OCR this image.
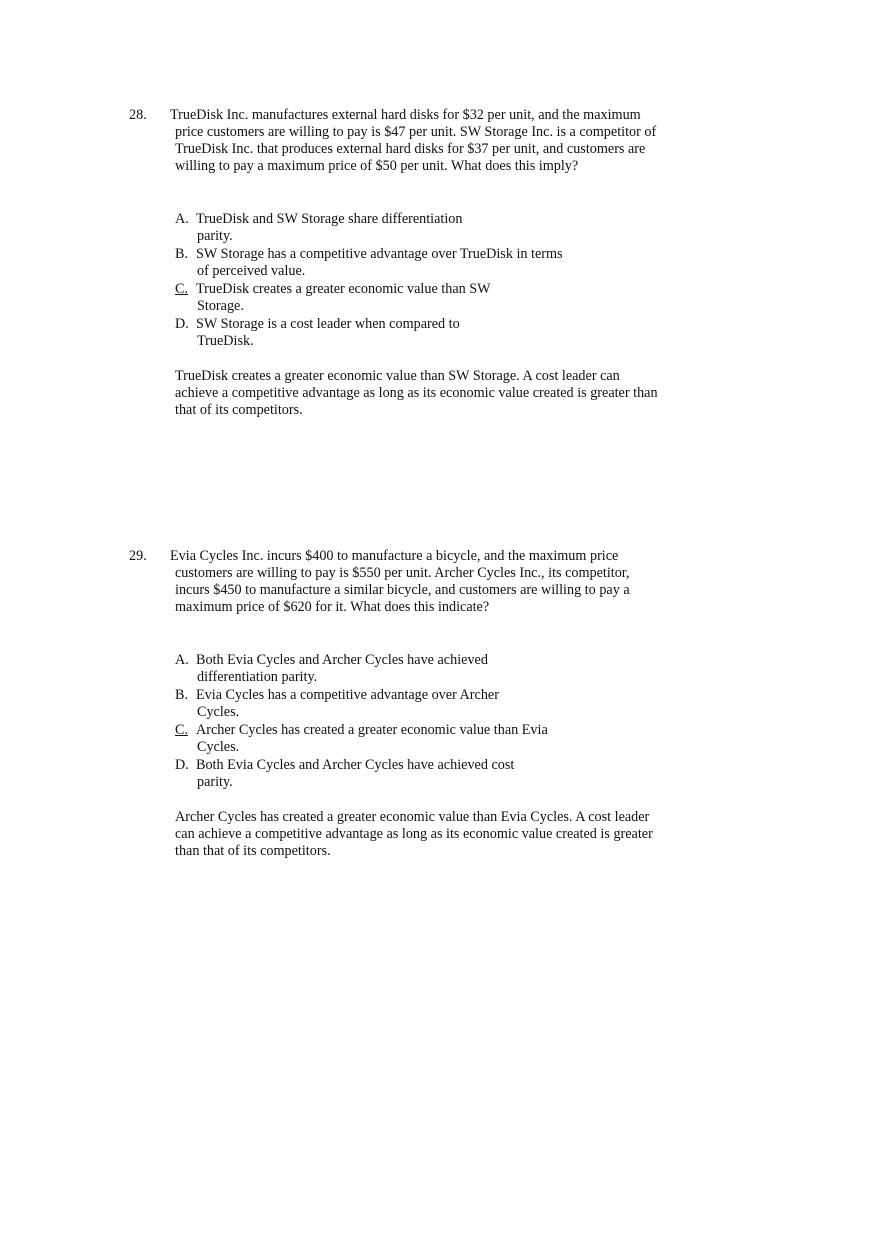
28. TrueDisk Inc. manufactures external hard disks for $32 per unit, and the maximum price customers are willing to pay is $47 per unit. SW Storage Inc. is a competitor of TrueDisk Inc. that produces external hard disks for $37 per unit, and customers are willing to pay a maximum price of $50 per unit. What does this imply?
A. TrueDisk and SW Storage share differentiation parity.
B. SW Storage has a competitive advantage over TrueDisk in terms of perceived value.
C. TrueDisk creates a greater economic value than SW Storage.
D. SW Storage is a cost leader when compared to TrueDisk.
TrueDisk creates a greater economic value than SW Storage. A cost leader can achieve a competitive advantage as long as its economic value created is greater than that of its competitors.
29. Evia Cycles Inc. incurs $400 to manufacture a bicycle, and the maximum price customers are willing to pay is $550 per unit. Archer Cycles Inc., its competitor, incurs $450 to manufacture a similar bicycle, and customers are willing to pay a maximum price of $620 for it. What does this indicate?
Both Evia Cycles and Archer Cycles have achieved differentiation parity.
A.
B. Evia Cycles has a competitive advantage over Archer Cycles.
C. Archer Cycles has created a greater economic value than Evia Cycles.
D. Both Evia Cycles and Archer Cycles have achieved cost parity.
Archer Cycles has created a greater economic value than Evia Cycles. A cost leader can achieve a competitive advantage as long as its economic value created is greater than that of its competitors.
